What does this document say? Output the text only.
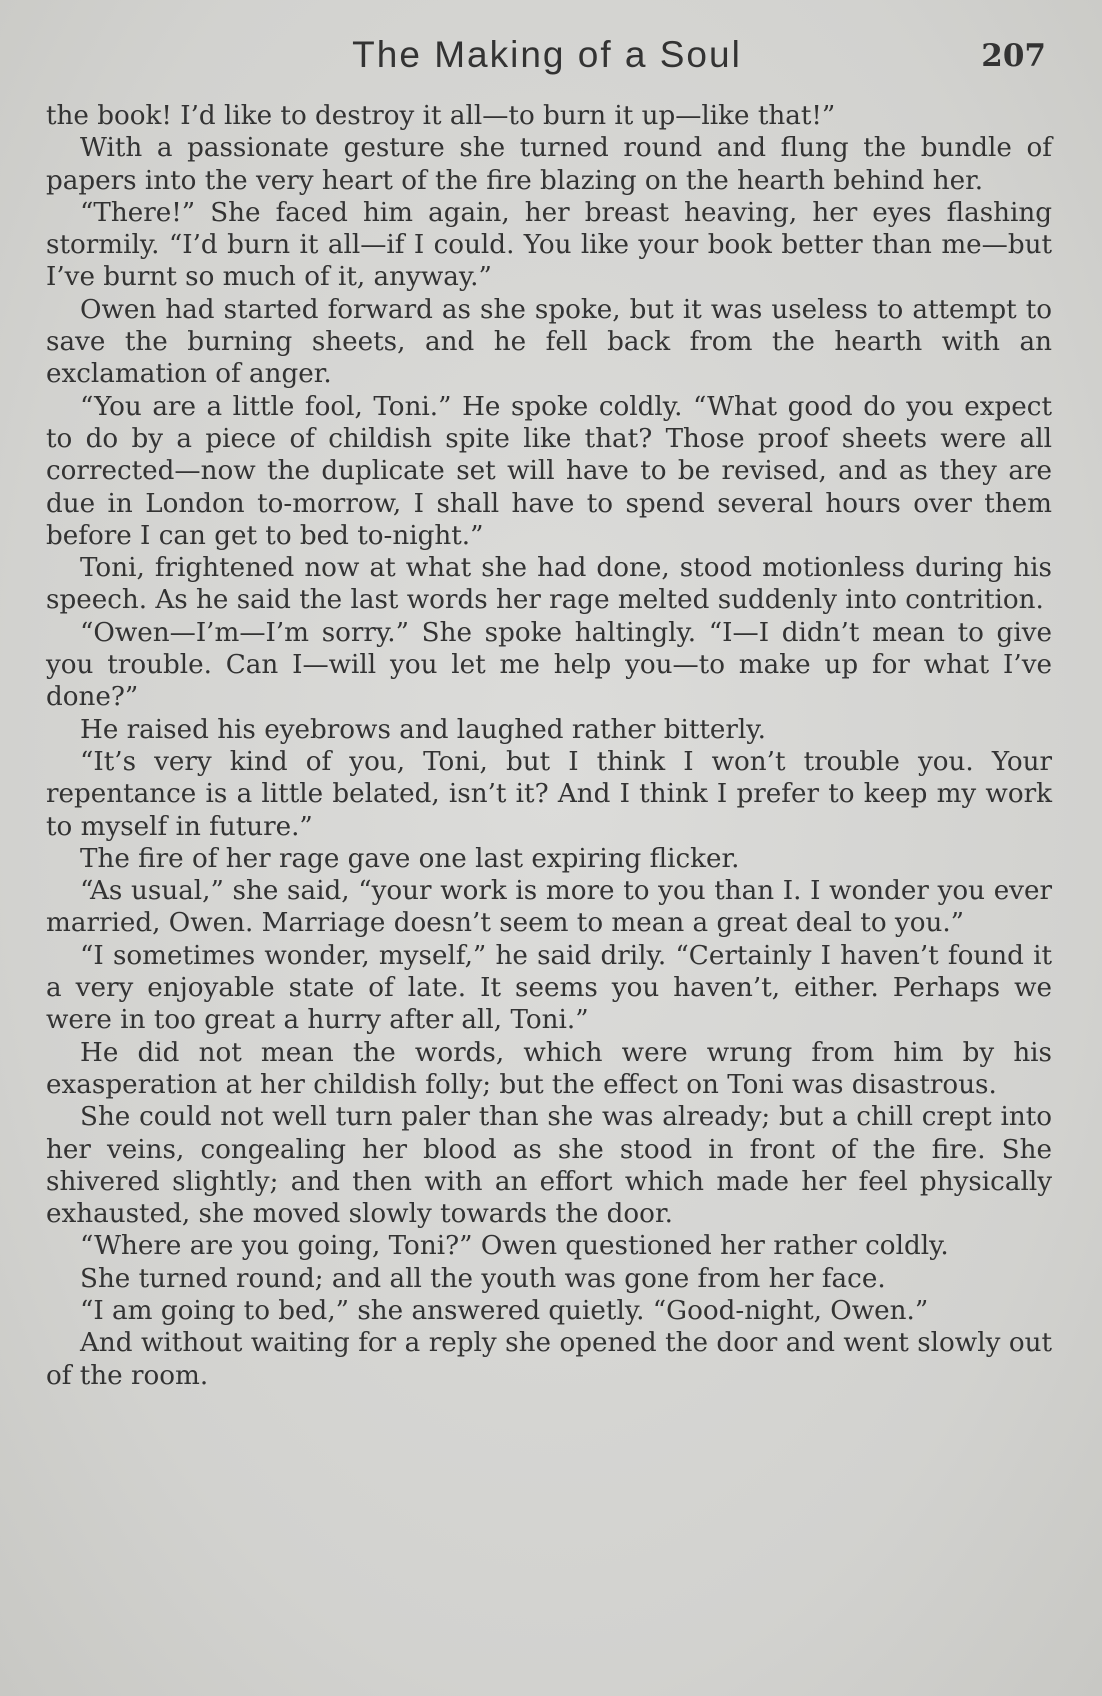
The Making of a Soul	207

the book! I’d like to destroy it all—to burn it up—like that!”

With a passionate gesture she turned round and flung the bundle of papers into the very heart of the fire blazing on the hearth behind her.

“There!” She faced him again, her breast heaving, her eyes flashing stormily. “I’d burn it all—if I could. You like your book better than me—but I’ve burnt so much of it, anyway.”

Owen had started forward as she spoke, but it was useless to attempt to save the burning sheets, and he fell back from the hearth with an exclamation of anger.

“You are a little fool, Toni.” He spoke coldly. “What good do you expect to do by a piece of childish spite like that? Those proof sheets were all corrected—now the duplicate set will have to be revised, and as they are due in London to-morrow, I shall have to spend several hours over them before I can get to bed to-night.”

Toni, frightened now at what she had done, stood motionless during his speech. As he said the last words her rage melted suddenly into contrition.

“Owen—I’m—I’m sorry.” She spoke haltingly. “I—I didn’t mean to give you trouble. Can I—will you let me help you—to make up for what I’ve done?”

He raised his eyebrows and laughed rather bitterly.

“It’s very kind of you, Toni, but I think I won’t trouble you. Your repentance is a little belated, isn’t it? And I think I prefer to keep my work to myself in future.”

The fire of her rage gave one last expiring flicker.

“As usual,” she said, “your work is more to you than I. I wonder you ever married, Owen. Marriage doesn’t seem to mean a great deal to you.”

“I sometimes wonder, myself,” he said drily. “Certainly I haven’t found it a very enjoyable state of late. It seems you haven’t, either. Perhaps we were in too great a hurry after all, Toni.”

He did not mean the words, which were wrung from him by his exasperation at her childish folly; but the effect on Toni was disastrous.

She could not well turn paler than she was already; but a chill crept into her veins, congealing her blood as she stood in front of the fire. She shivered slightly; and then with an effort which made her feel physically exhausted, she moved slowly towards the door.

“Where are you going, Toni?” Owen questioned her rather coldly.

She turned round; and all the youth was gone from her face.

“I am going to bed,” she answered quietly. “Good-night, Owen.”

And without waiting for a reply she opened the door and went slowly out of the room.
